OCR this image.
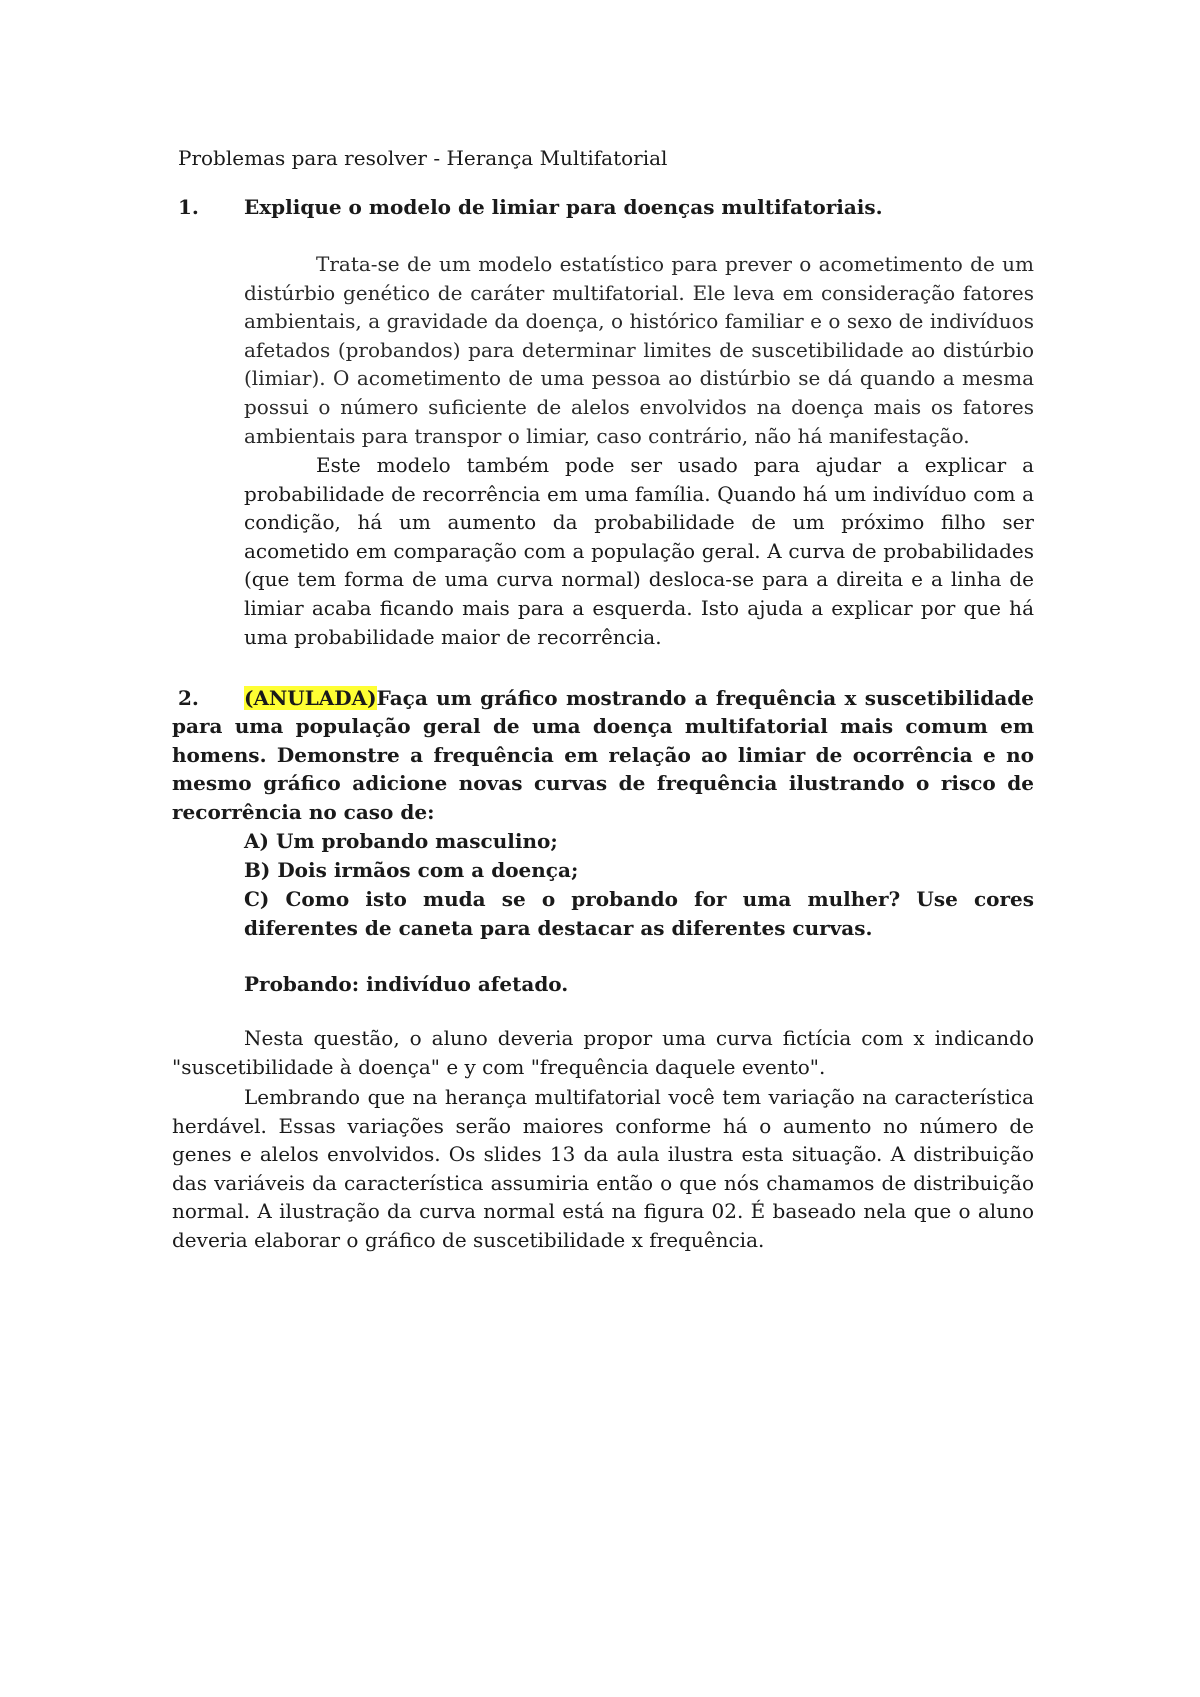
Problemas para resolver - Herança Multifatorial
1. Explique o modelo de limiar para doenças multifatoriais.
Trata-se de um modelo estatístico para prever o acometimento de um distúrbio genético de caráter multifatorial. Ele leva em consideração fatores ambientais, a gravidade da doença, o histórico familiar e o sexo de indivíduos afetados (probandos) para determinar limites de suscetibilidade ao distúrbio (limiar). O acometimento de uma pessoa ao distúrbio se dá quando a mesma possui o número suficiente de alelos envolvidos na doença mais os fatores ambientais para transpor o limiar, caso contrário, não há manifestação.
Este modelo também pode ser usado para ajudar a explicar a probabilidade de recorrência em uma família. Quando há um indivíduo com a condição, há um aumento da probabilidade de um próximo filho ser acometido em comparação com a população geral. A curva de probabilidades (que tem forma de uma curva normal) desloca-se para a direita e a linha de limiar acaba ficando mais para a esquerda. Isto ajuda a explicar por que há uma probabilidade maior de recorrência.
2. (ANULADA) Faça um gráfico mostrando a frequência x suscetibilidade
para uma população geral de uma doença multifatorial mais comum em homens. Demonstre a frequência em relação ao limiar de ocorrência e no mesmo gráfico adicione novas curvas de frequência ilustrando o risco de recorrência no caso de:
A) Um probando masculino;
B) Dois irmãos com a doença;
C) Como isto muda se o probando for uma mulher? Use cores diferentes de caneta para destacar as diferentes curvas.
Probando: indivíduo afetado.
Nesta questão, o aluno deveria propor uma curva fictícia com x indicando "suscetibilidade à doença" e y com "frequência daquele evento".
Lembrando que na herança multifatorial você tem variação na característica herdável. Essas variações serão maiores conforme há o aumento no número de genes e alelos envolvidos. Os slides 13 da aula ilustra esta situação. A distribuição das variáveis da característica assumiria então o que nós chamamos de distribuição normal. A ilustração da curva normal está na figura 02. É baseado nela que o aluno deveria elaborar o gráfico de suscetibilidade x frequência.
